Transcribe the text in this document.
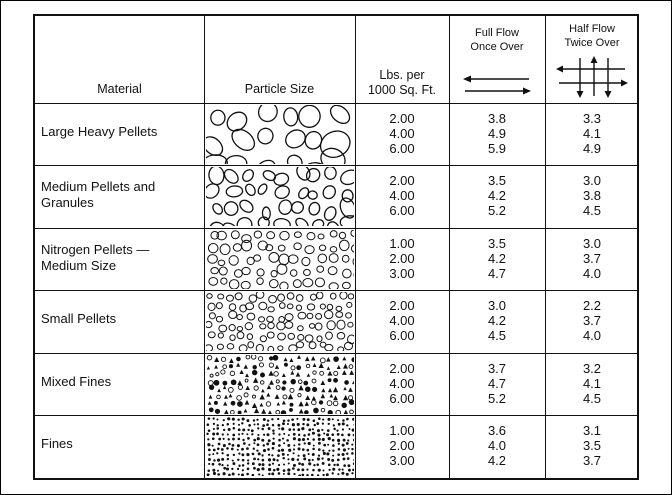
Material	Particle Size
Lbs. per
1000 Sq. Ft.
Full Flow
Once Over
Half Flow
Twice Over
Large Heavy Pellets
2.00
4.00
6.00
3.8
4.9
5.9
3.3
4.1
4.9
Medium Pellets and
Granules
2.00
4.00
6.00
3.5
4.2
5.2
3.0
3.8
4.5
Nitrogen Pellets —
Medium Size
1.00
2.00
3.00
3.5
4.2
4.7
3.0
3.7
4.0
Small Pellets
2.00
4.00
6.00
3.0
4.2
4.5
2.2
3.7
4.0
Mixed Fines
2.00
4.00
6.00
3.7
4.7
5.2
3.2
4.1
4.5
Fines
1.00
2.00
3.00
3.6
4.0
4.2
3.1
3.5
3.7
